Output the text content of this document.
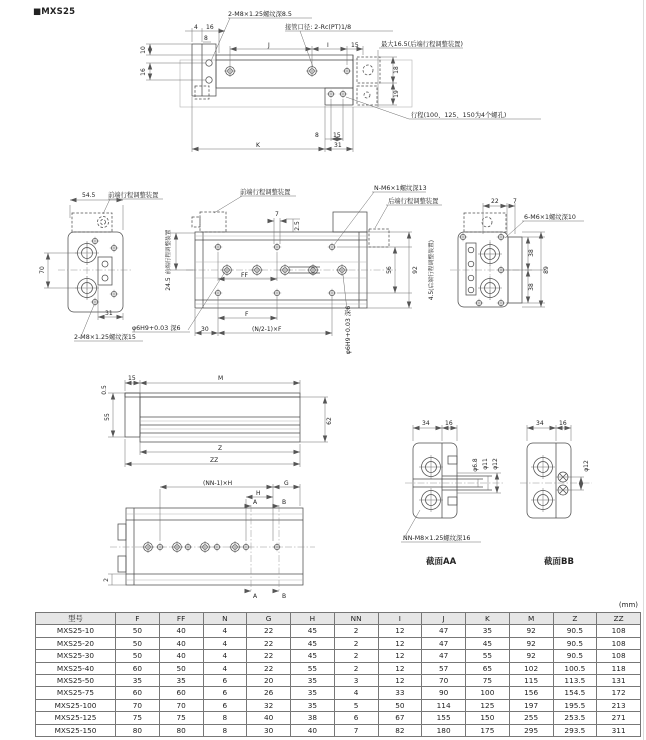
■MXS25	2-M8×1.25螺纹深8.5
接管口径: 2-Rc(PT)1/8
最大16.5(后端行程调整装置)
行程(100、125、150为4个螺孔)
4 16
8
10
16
J	I	15
18
19
8 15
K	31
54.5 前端行程调整装置
70
31
2-M8×1.25螺纹深15
前端行程调整装置
N-M6×1螺纹深13
后端行程调整装置
7
2.5
前端行程调整装置
24.5
FF
F
30	(N/2-1)×F
56	92
φ6H9+0.03 深6	φ6H9+0.03 深6
4.5(后端行程调整装置)
22 7
6-M6×1螺纹深10
38
38
89
15	M
0.5
55
62
Z
ZZ
(NN-1)×H	G
H
A	B
A	B
2
φ6.8 φ11 φ12
34	16
NN-M8×1.25螺纹深16
截面AA
φ12
34	16
截面BB
(mm)
型号	F	FF	N	G	H	NN	I	J	K	M	Z	ZZ
MXS25-10	50	40	4	22	45	2	12	47	35	92	90.5	108
MXS25-20	50	40	4	22	45	2	12	47	45	92	90.5	108
MXS25-30	50	40	4	22	45	2	12	47	55	92	90.5	108
MXS25-40	60	50	4	22	55	2	12	57	65	102	100.5	118
MXS25-50	35	35	6	20	35	3	12	70	75	115	113.5	131
MXS25-75	60	60	6	26	35	4	33	90	100	156	154.5	172
MXS25-100	70	70	6	32	35	5	50	114	125	197	195.5	213
MXS25-125	75	75	8	40	38	6	67	155	150	255	253.5	271
MXS25-150	80	80	8	30	40	7	82	180	175	295	293.5	311
